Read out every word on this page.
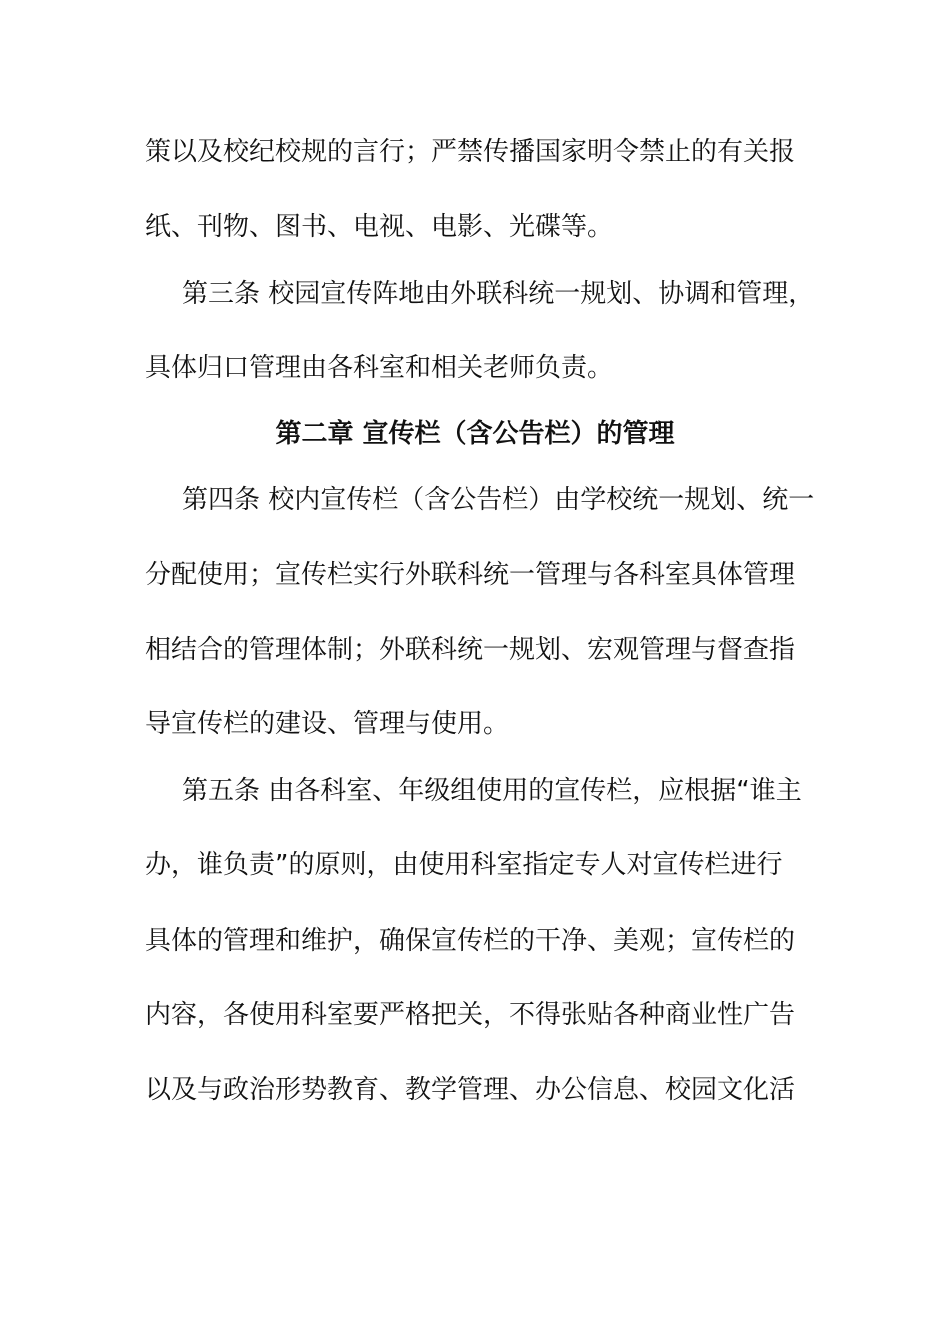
策以及校纪校规的言行；严禁传播国家明令禁止的有关报
纸、刊物、图书、电视、电影、光碟等。
第三条 校园宣传阵地由外联科统一规划、协调和管理，
具体归口管理由各科室和相关老师负责。
第二章 宣传栏（含公告栏）的管理
第四条 校内宣传栏（含公告栏）由学校统一规划、统一
分配使用；宣传栏实行外联科统一管理与各科室具体管理
相结合的管理体制；外联科统一规划、宏观管理与督查指
导宣传栏的建设、管理与使用。
第五条 由各科室、年级组使用的宣传栏，应根据“谁主
办，谁负责”的原则，由使用科室指定专人对宣传栏进行
具体的管理和维护，确保宣传栏的干净、美观；宣传栏的
内容，各使用科室要严格把关，不得张贴各种商业性广告
以及与政治形势教育、教学管理、办公信息、校园文化活
